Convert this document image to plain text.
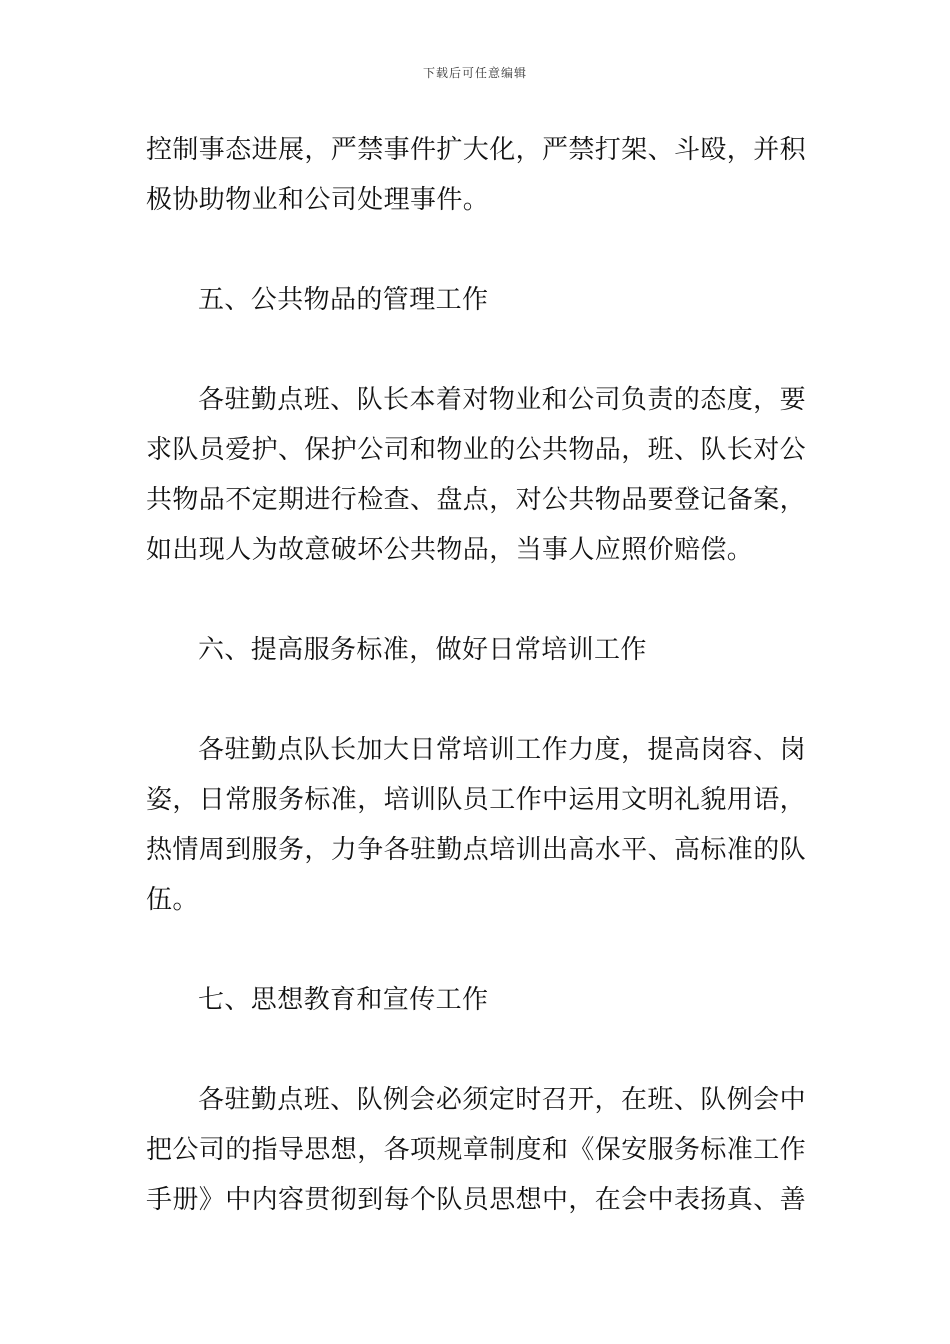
下载后可任意编辑

控制事态进展，严禁事件扩大化，严禁打架、斗殴，并积极协助物业和公司处理事件。

五、公共物品的管理工作

各驻勤点班、队长本着对物业和公司负责的态度，要求队员爱护、保护公司和物业的公共物品，班、队长对公共物品不定期进行检查、盘点，对公共物品要登记备案，如出现人为故意破坏公共物品，当事人应照价赔偿。

六、提高服务标准，做好日常培训工作

各驻勤点队长加大日常培训工作力度，提高岗容、岗姿，日常服务标准，培训队员工作中运用文明礼貌用语，热情周到服务，力争各驻勤点培训出高水平、高标准的队伍。

七、思想教育和宣传工作

各驻勤点班、队例会必须定时召开，在班、队例会中把公司的指导思想，各项规章制度和《保安服务标准工作手册》中内容贯彻到每个队员思想中，在会中表扬真、善
